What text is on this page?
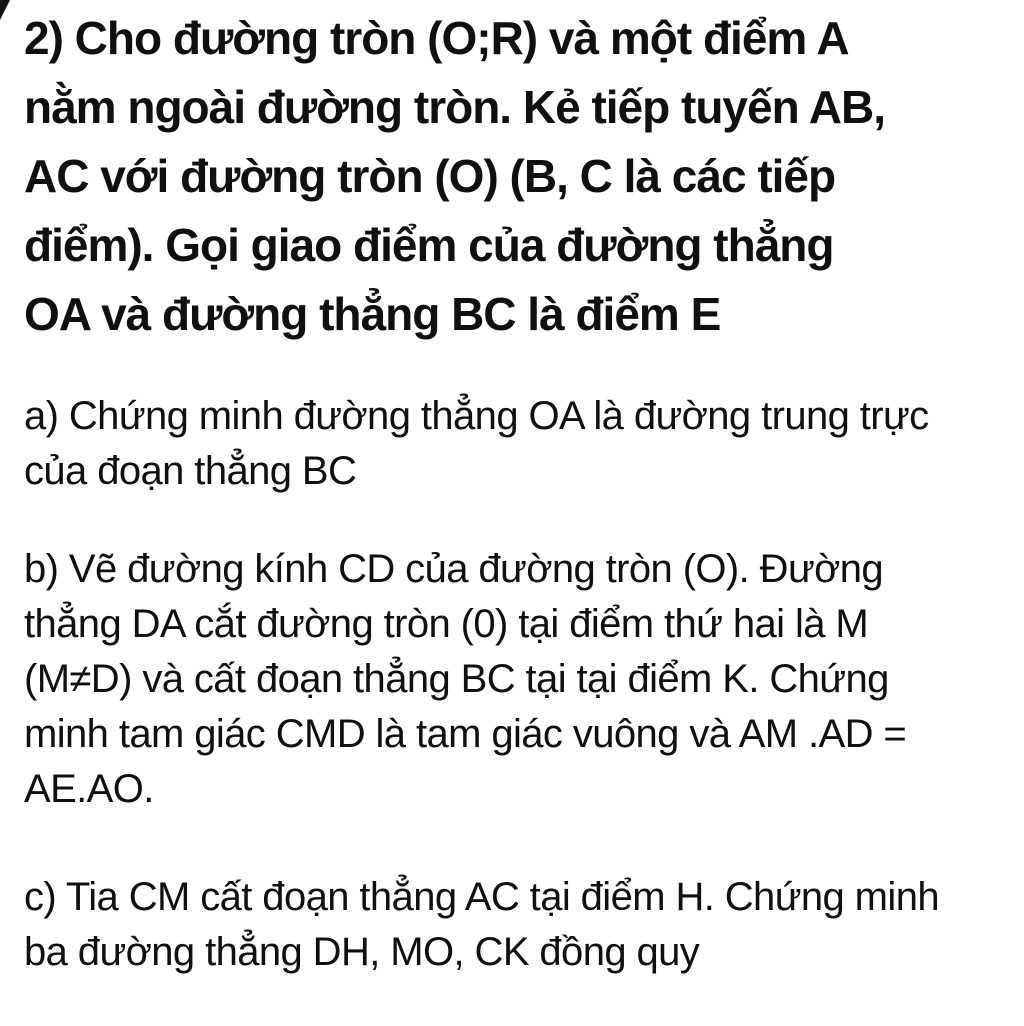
2) Cho đường tròn (O;R) và một điểm A
nằm ngoài đường tròn. Kẻ tiếp tuyến AB,
AC với đường tròn (O) (B, C là các tiếp
điểm). Gọi giao điểm của đường thẳng
OA và đường thẳng BC là điểm E
a) Chứng minh đường thẳng OA là đường trung trực
của đoạn thẳng BC
b) Vẽ đường kính CD của đường tròn (O). Đường
thẳng DA cắt đường tròn (0) tại điểm thứ hai là M
(M≠D) và cất đoạn thẳng BC tại tại điểm K. Chứng
minh tam giác CMD là tam giác vuông và AM .AD =
AE.AO.
c) Tia CM cất đoạn thẳng AC tại điểm H. Chứng minh
ba đường thẳng DH, MO, CK đồng quy
